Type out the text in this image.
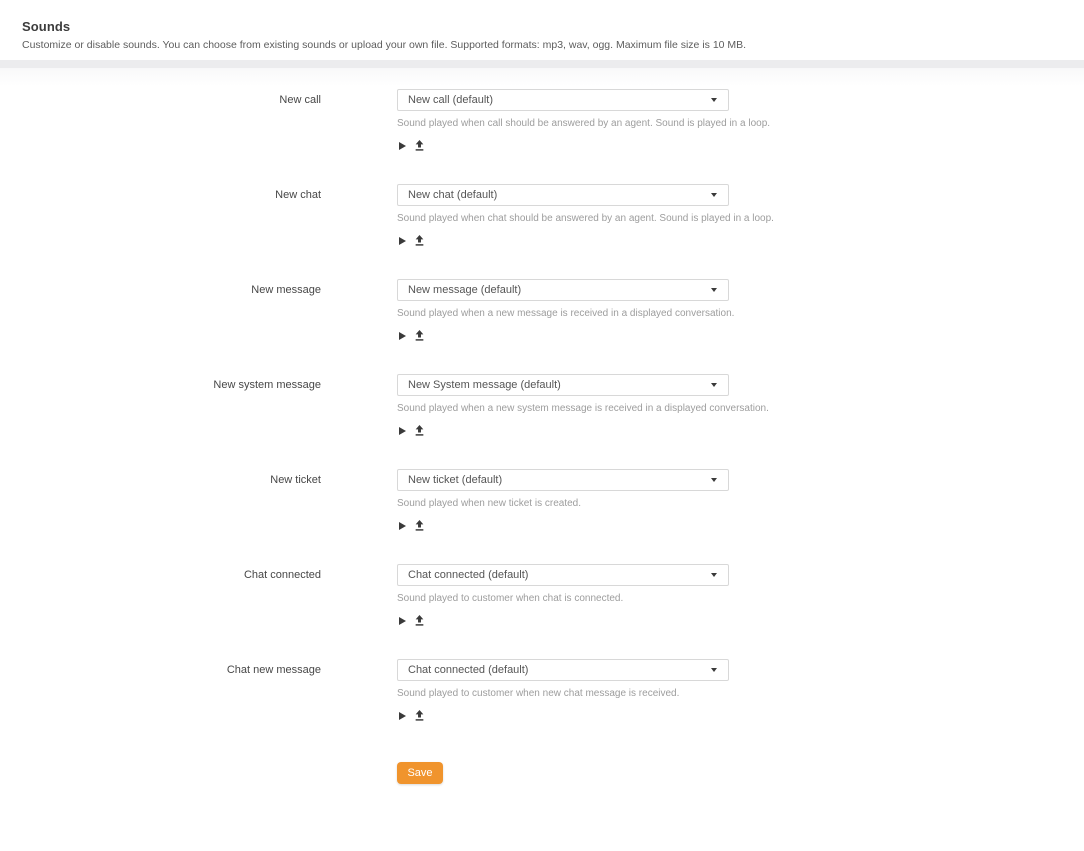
Sounds
Customize or disable sounds. You can choose from existing sounds or upload your own file. Supported formats: mp3, wav, ogg. Maximum file size is 10 MB.
New call	New call (default)
Sound played when call should be answered by an agent. Sound is played in a loop.
New chat	New chat (default)
Sound played when chat should be answered by an agent. Sound is played in a loop.
New message	New message (default)
Sound played when a new message is received in a displayed conversation.
New system message	New System message (default)
Sound played when a new system message is received in a displayed conversation.
New ticket	New ticket (default)
Sound played when new ticket is created.
Chat connected	Chat connected (default)
Sound played to customer when chat is connected.
Chat new message	Chat connected (default)
Sound played to customer when new chat message is received.
Save
